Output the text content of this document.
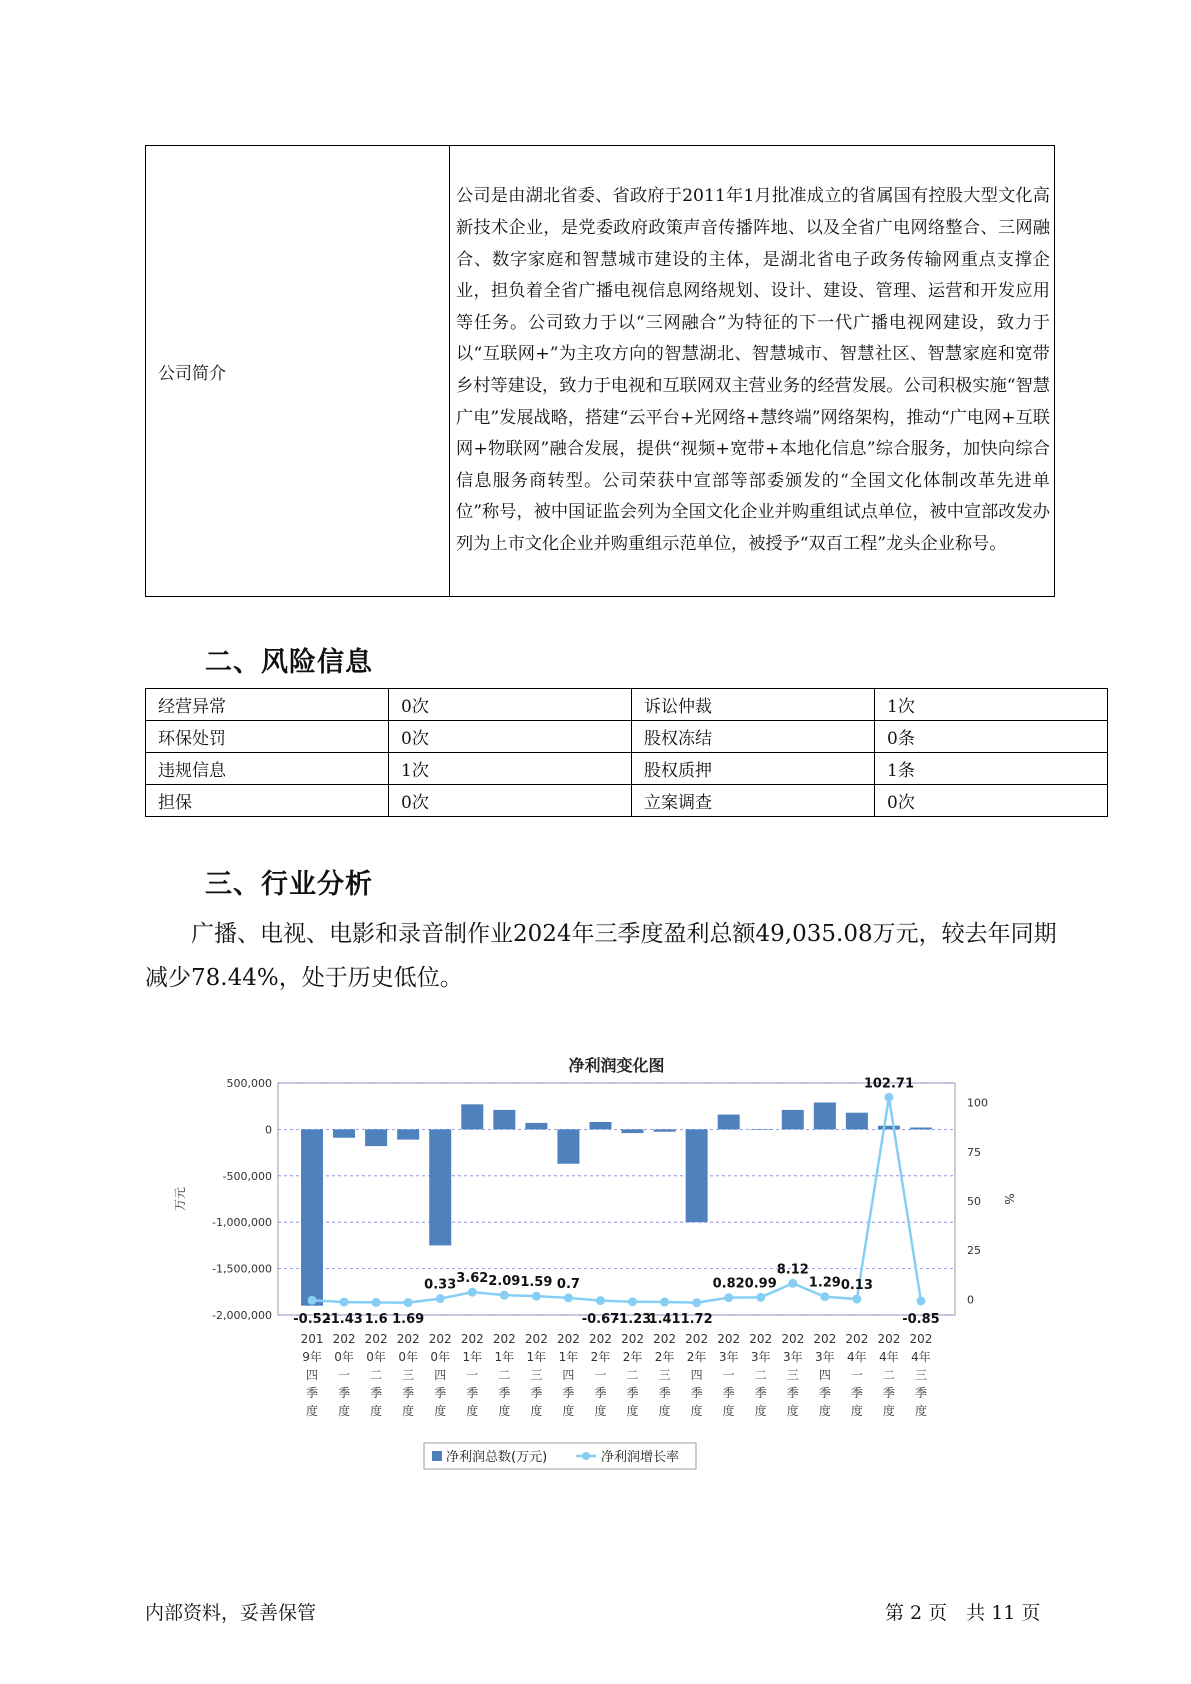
公司简介	公司是由湖北省委、省政府于2011年1月批准成立的省属国有控股大型文化高新技术企业，是党委政府政策声音传播阵地、以及全省广电网络整合、三网融合、数字家庭和智慧城市建设的主体，是湖北省电子政务传输网重点支撑企业，担负着全省广播电视信息网络规划、设计、建设、管理、运营和开发应用等任务。公司致力于以“三网融合”为特征的下一代广播电视网建设，致力于以“互联网+”为主攻方向的智慧湖北、智慧城市、智慧社区、智慧家庭和宽带乡村等建设，致力于电视和互联网双主营业务的经营发展。公司积极实施“智慧广电”发展战略，搭建“云平台+光网络+慧终端”网络架构，推动“广电网+互联网+物联网”融合发展，提供“视频+宽带+本地化信息”综合服务，加快向综合信息服务商转型。公司荣获中宣部等部委颁发的“全国文化体制改革先进单位”称号，被中国证监会列为全国文化企业并购重组试点单位，被中宣部改发办列为上市文化企业并购重组示范单位，被授予“双百工程”龙头企业称号。
二、风险信息
经营异常	0次	诉讼仲裁	1次
环保处罚	0次	股权冻结	0条
违规信息	1次	股权质押	1条
担保	0次	立案调查	0次
三、行业分析

广播、电视、电影和录音制作业2024年三季度盈利总额49,035.08万元，较去年同期减少78.44%，处于历史低位。

净利润变化图
500,000
0
-500,000
-1,000,000
-1,500,000
-2,000,000
100
75
50
25
0
万元	%
-0.52
-1.43 1.6 1.69
0.33 3.62 2.09 1.59 0.7
-0.67
-1.23
1.41 1.72
0.82 0.99
8.12
1.29 0.13
102.71
-0.85
201 9年四季度
202 0年一季度
202 0年二季度
202 0年三季度
202 0年四季度
202 1年一季度
202 1年二季度
202 1年三季度
202 1年四季度
202 2年一季度
202 2年二季度
202 2年三季度
202 2年四季度
202 3年一季度
202 3年二季度
202 3年三季度
202 3年四季度
202 4年一季度
202 4年二季度
202 4年三季度
净利润总数(万元)	净利润增长率
内部资料，妥善保管	第 2 页　共 11 页
